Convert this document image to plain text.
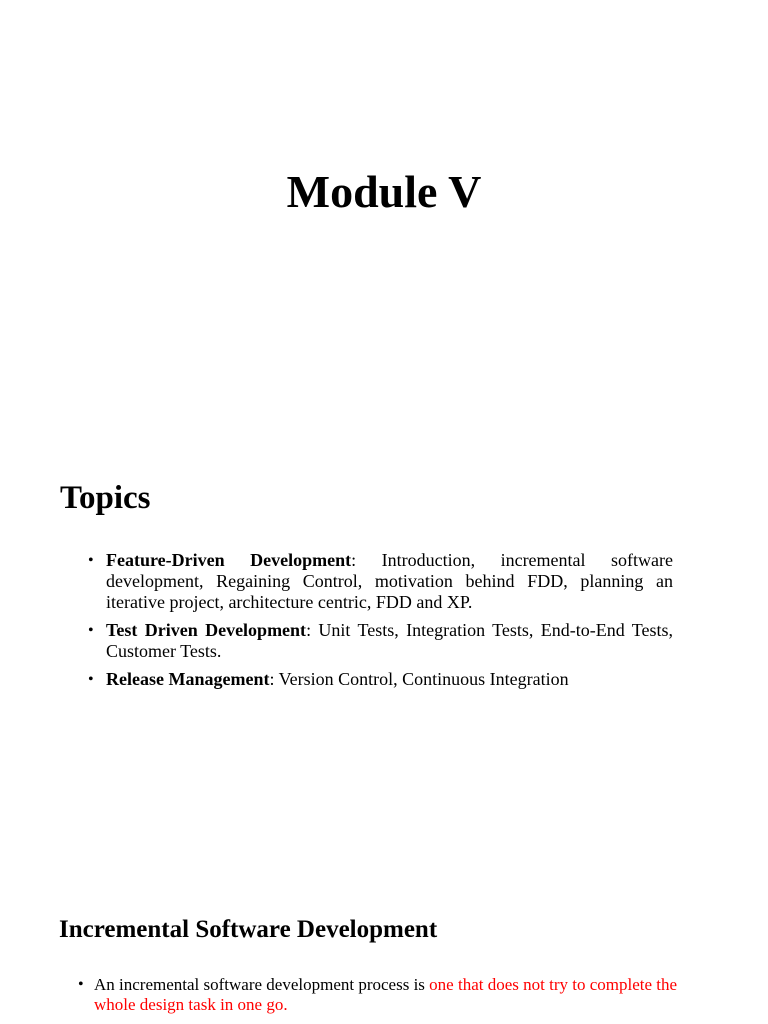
Module V
Topics
• Feature-Driven Development: Introduction, incremental software development, Regaining Control, motivation behind FDD, planning an iterative project, architecture centric, FDD and XP.
• Test Driven Development: Unit Tests, Integration Tests, End-to-End Tests, Customer Tests.
• Release Management: Version Control, Continuous Integration
Incremental Software Development
• An incremental software development process is one that does not try to complete the whole design task in one go.
